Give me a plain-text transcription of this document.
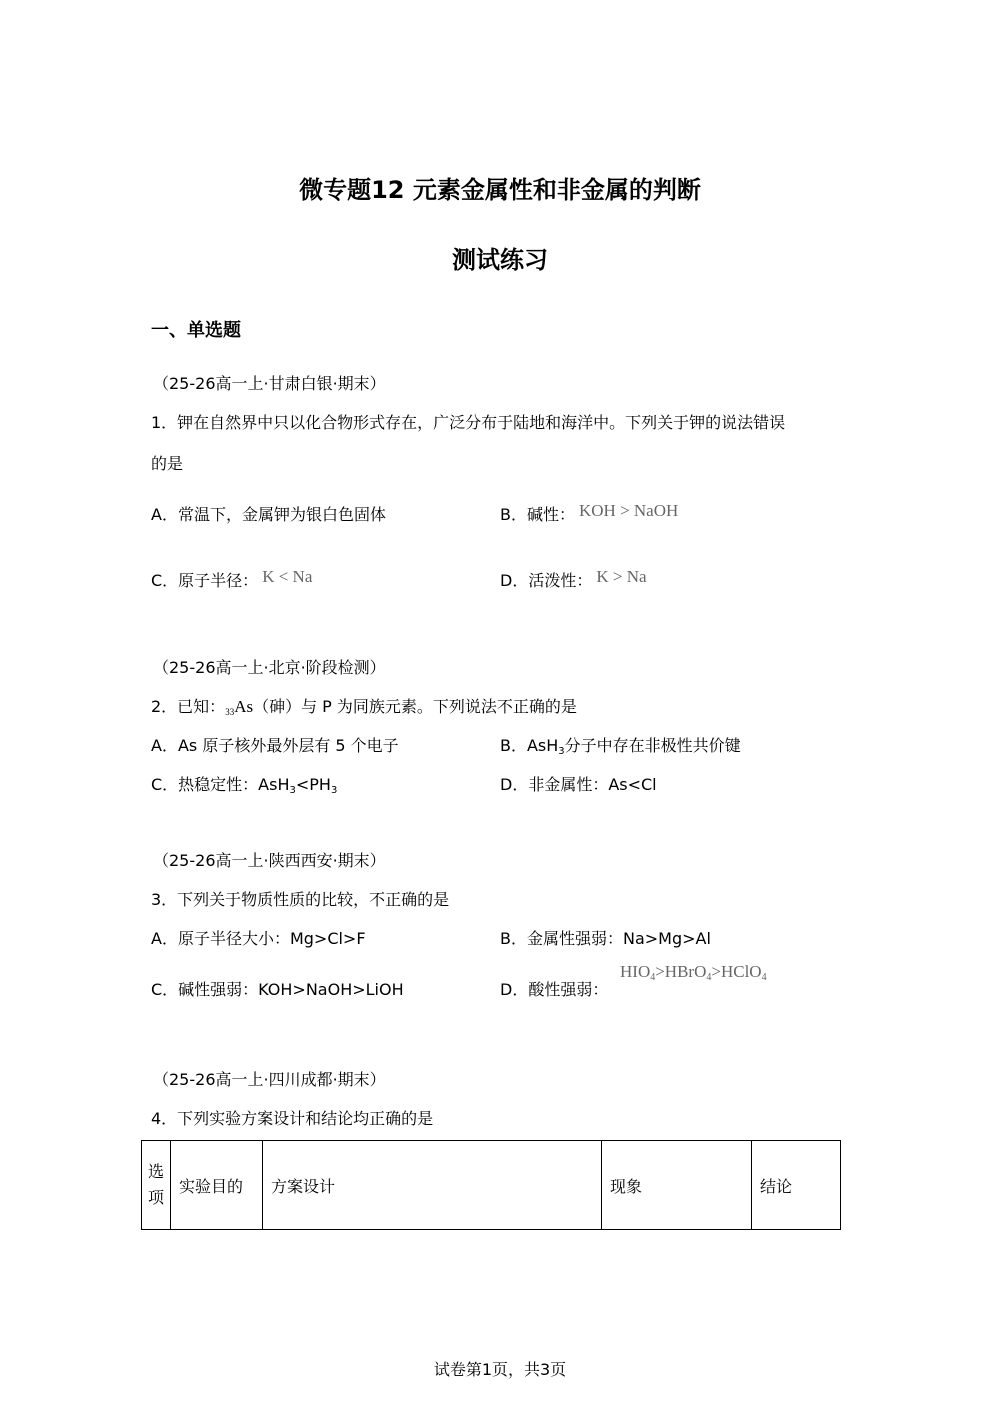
微专题12 元素金属性和非金属的判断
测试练习
一、单选题
（25-26高一上·甘肃白银·期末）
1．钾在自然界中只以化合物形式存在，广泛分布于陆地和海洋中。下列关于钾的说法错误
的是
A．常温下，金属钾为银白色固体	B．碱性： KOH > NaOH
C．原子半径： K < Na	D．活泼性： K > Na
（25-26高一上·北京·阶段检测）
2．已知：33As（砷）与 P 为同族元素。下列说法不正确的是
A．As 原子核外最外层有 5 个电子	B．AsH$_3$分子中存在非极性共价键
C．热稳定性：$AsH_3<PH_3$	D．非金属性：As<Cl
（25-26高一上·陕西西安·期末）
3．下列关于物质性质的比较，不正确的是
A．原子半径大小：Mg>Cl>F	B．金属性强弱：Na>Mg>Al
C．碱性强弱：KOH>NaOH>LiOH	D．酸性强弱：
$HIO_4>HBrO_4>HClO_4$
（25-26高一上·四川成都·期末）
4．下列实验方案设计和结论均正确的是
选
项
	实验目的	方案设计	现象	结论
试卷第1页，共3页
